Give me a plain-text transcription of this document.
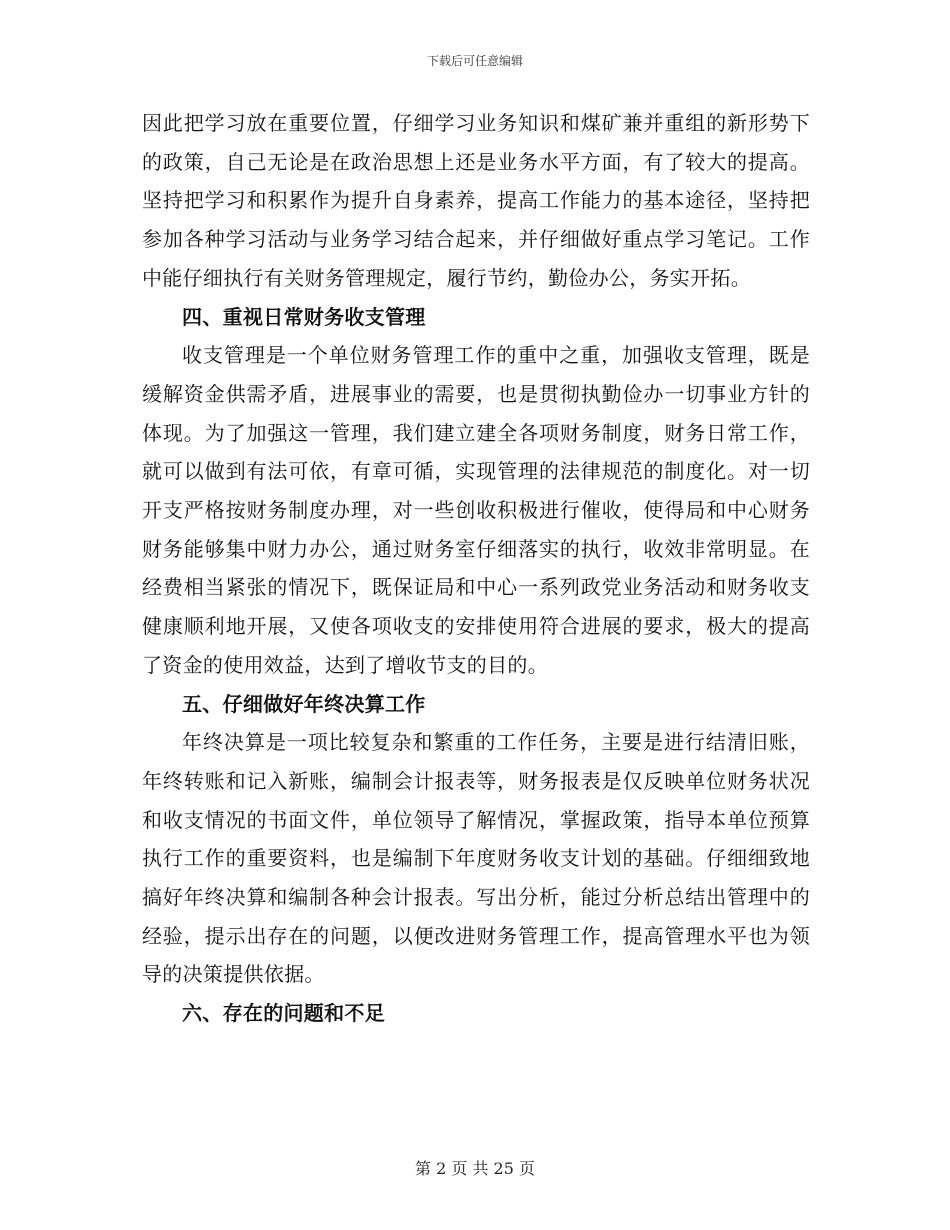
下载后可任意编辑

因此把学习放在重要位置，仔细学习业务知识和煤矿兼并重组的新形势下的政策，自己无论是在政治思想上还是业务水平方面，有了较大的提高。坚持把学习和积累作为提升自身素养，提高工作能力的基本途径，坚持把参加各种学习活动与业务学习结合起来，并仔细做好重点学习笔记。工作中能仔细执行有关财务管理规定，履行节约，勤俭办公，务实开拓。

四、重视日常财务收支管理

收支管理是一个单位财务管理工作的重中之重，加强收支管理，既是缓解资金供需矛盾，进展事业的需要，也是贯彻执勤俭办一切事业方针的体现。为了加强这一管理，我们建立建全各项财务制度，财务日常工作，就可以做到有法可依，有章可循，实现管理的法律规范的制度化。对一切开支严格按财务制度办理，对一些创收积极进行催收，使得局和中心财务财务能够集中财力办公，通过财务室仔细落实的执行，收效非常明显。在经费相当紧张的情况下，既保证局和中心一系列政党业务活动和财务收支健康顺利地开展，又使各项收支的安排使用符合进展的要求，极大的提高了资金的使用效益，达到了增收节支的目的。

五、仔细做好年终决算工作

年终决算是一项比较复杂和繁重的工作任务，主要是进行结清旧账，年终转账和记入新账，编制会计报表等，财务报表是仅反映单位财务状况和收支情况的书面文件，单位领导了解情况，掌握政策，指导本单位预算执行工作的重要资料，也是编制下年度财务收支计划的基础。仔细细致地搞好年终决算和编制各种会计报表。写出分析，能过分析总结出管理中的经验，提示出存在的问题，以便改进财务管理工作，提高管理水平也为领导的决策提供依据。

六、存在的问题和不足

第 2 页 共 25 页
